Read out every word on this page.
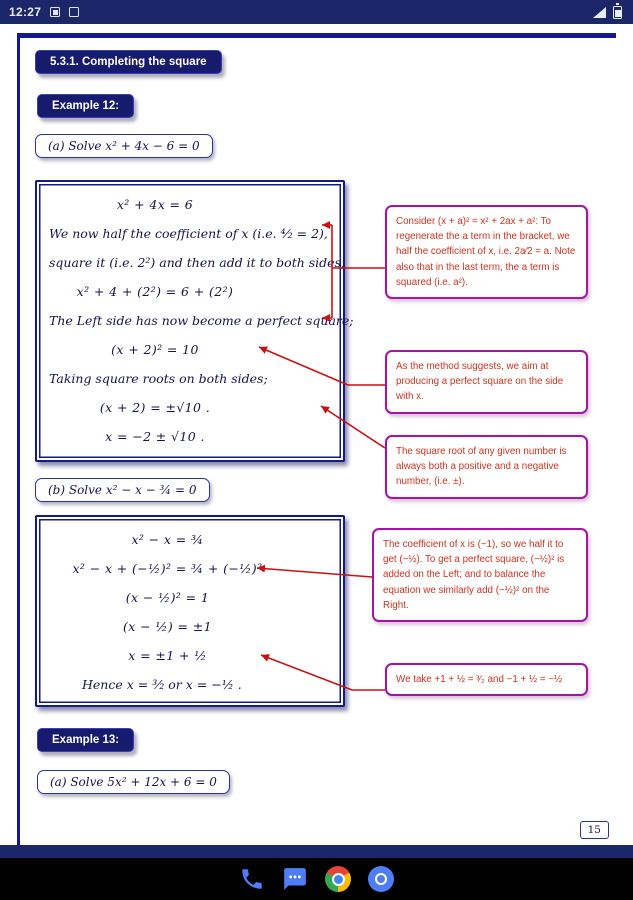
12:27
5.3.1. Completing the square
Example 12:
(a) Solve x² + 4x − 6 = 0
x² + 4x = 6
We now half the coefficient of x (i.e. ⁴⁄₂ = 2),
square it (i.e. 2²) and then add it to both sides;
x² + 4 + (2²) = 6 + (2²)
The Left side has now become a perfect square;
(x + 2)² = 10
Taking square roots on both sides;
(x + 2) = ±√10 .
x = −2 ± √10 .
Consider (x + a)² = x² + 2ax + a²: To regenerate the a term in the bracket, we half the coefficient of x, i.e. 2a⁄2 = a. Note also that in the last term, the a term is squared (i.e. a²).
As the method suggests, we aim at producing a perfect square on the side with x.
The square root of any given number is always both a positive and a negative number, (i.e. ±).
(b) Solve x² − x − ¾ = 0
x² − x = ¾
x² − x + (−½)² = ¾ + (−½)²
(x − ½)² = 1
(x − ½) = ±1
x = ±1 + ½
Hence x = ³⁄₂ or x = −½ .
The coefficient of x is (−1), so we half it to get (−½). To get a perfect square, (−½)² is added on the Left; and to balance the equation we similarly add (−½)² on the Right.
We take +1 + ½ = ³⁄₂ and −1 + ½ = −½
Example 13:
(a) Solve 5x² + 12x + 6 = 0
15
